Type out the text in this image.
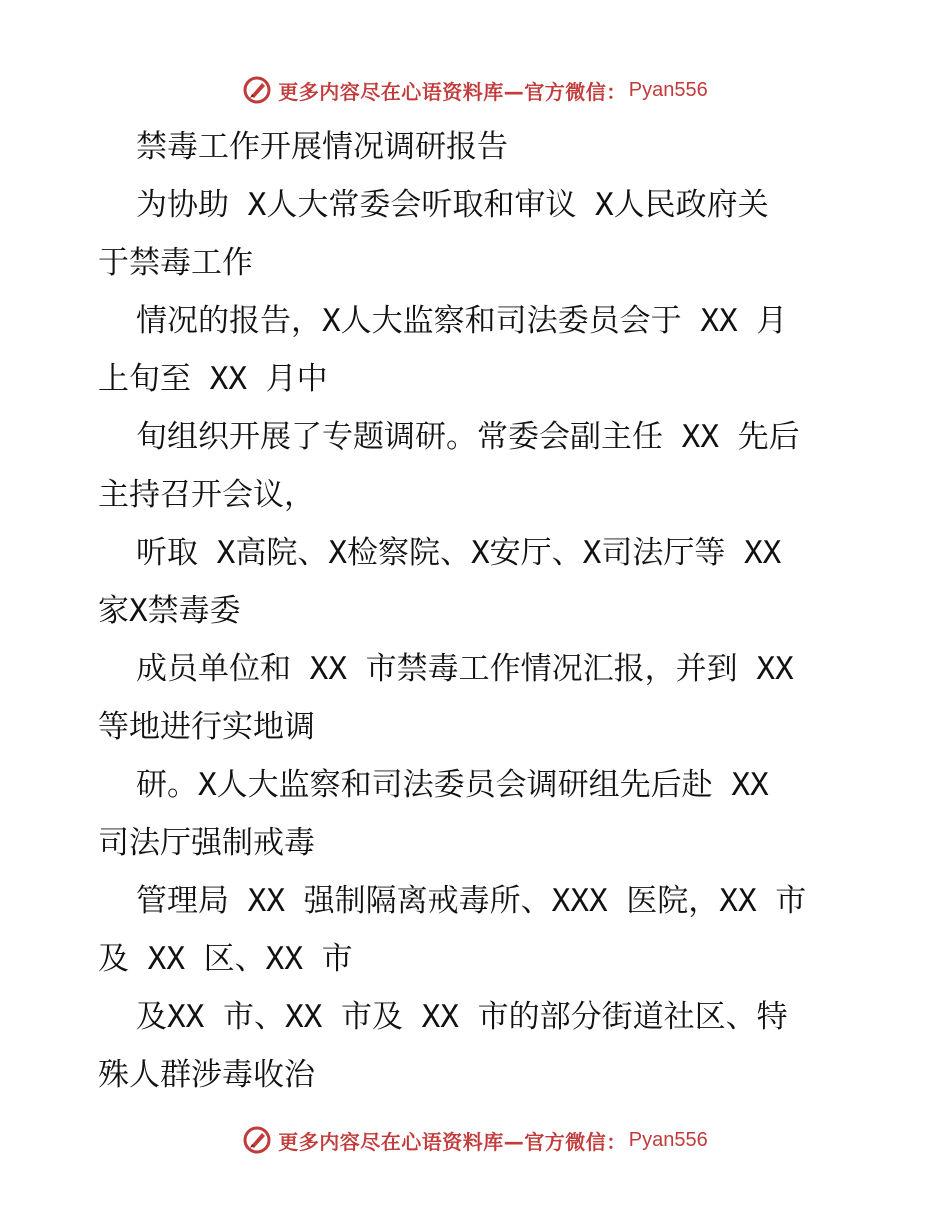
更多内容尽在心语资料库—官方微信： Pyan556
禁毒工作开展情况调研报告
为协助 X人大常委会听取和审议 X人民政府关
于禁毒工作
情况的报告，X人大监察和司法委员会于 XX 月
上旬至 XX 月中
旬组织开展了专题调研。常委会副主任 XX 先后
主持召开会议，
听取 X高院、X检察院、X安厅、X司法厅等 XX
家X禁毒委
成员单位和 XX 市禁毒工作情况汇报，并到 XX
等地进行实地调
研。X人大监察和司法委员会调研组先后赴 XX
司法厅强制戒毒
管理局 XX 强制隔离戒毒所、XXX 医院，XX 市
及 XX 区、XX 市
及XX 市、XX 市及 XX 市的部分街道社区、特
殊人群涉毒收治
更多内容尽在心语资料库—官方微信： Pyan556
